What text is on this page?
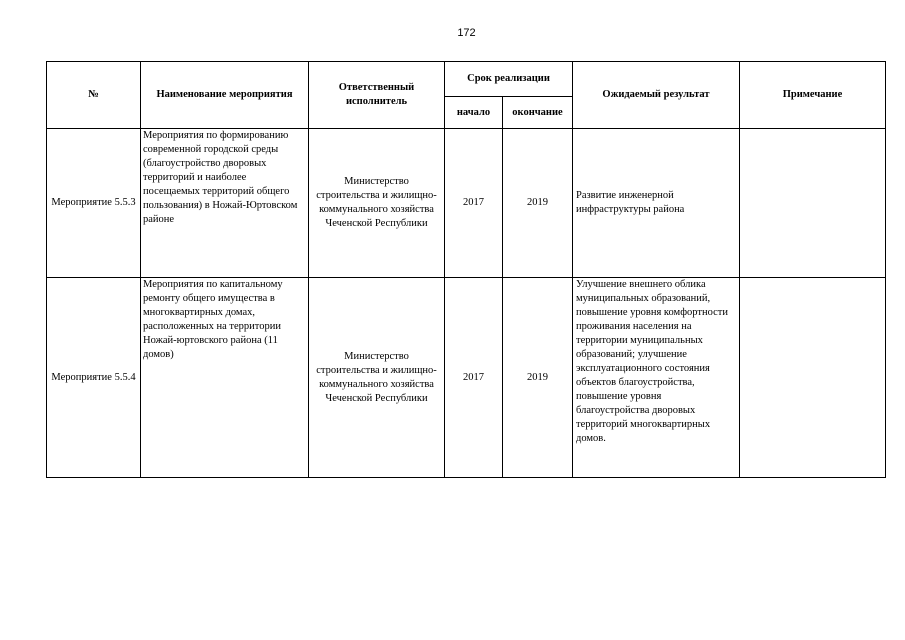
172
№	Наименование мероприятия	Ответственный исполнитель	Срок реализации		Ожидаемый результат	Примечание
			начало	окончание		
Мероприятие 5.5.3	Мероприятия по формированию современной городской среды (благоустройство дворовых территорий и наиболее посещаемых территорий общего пользования) в Ножай-Юртовском районе	Министерство строительства и жилищно-коммунального хозяйства Чеченской Республики	2017	2019	Развитие инженерной инфраструктуры района	
Мероприятие 5.5.4	Мероприятия по капитальному ремонту общего имущества в многоквартирных домах, расположенных на территории Ножай-юртовского района (11 домов)	Министерство строительства и жилищно-коммунального хозяйства Чеченской Республики	2017	2019	Улучшение внешнего облика муниципальных образований, повышение уровня комфортности проживания населения на территории муниципальных образований; улучшение эксплуатационного состояния объектов благоустройства, повышение уровня благоустройства дворовых территорий многоквартирных домов.	
